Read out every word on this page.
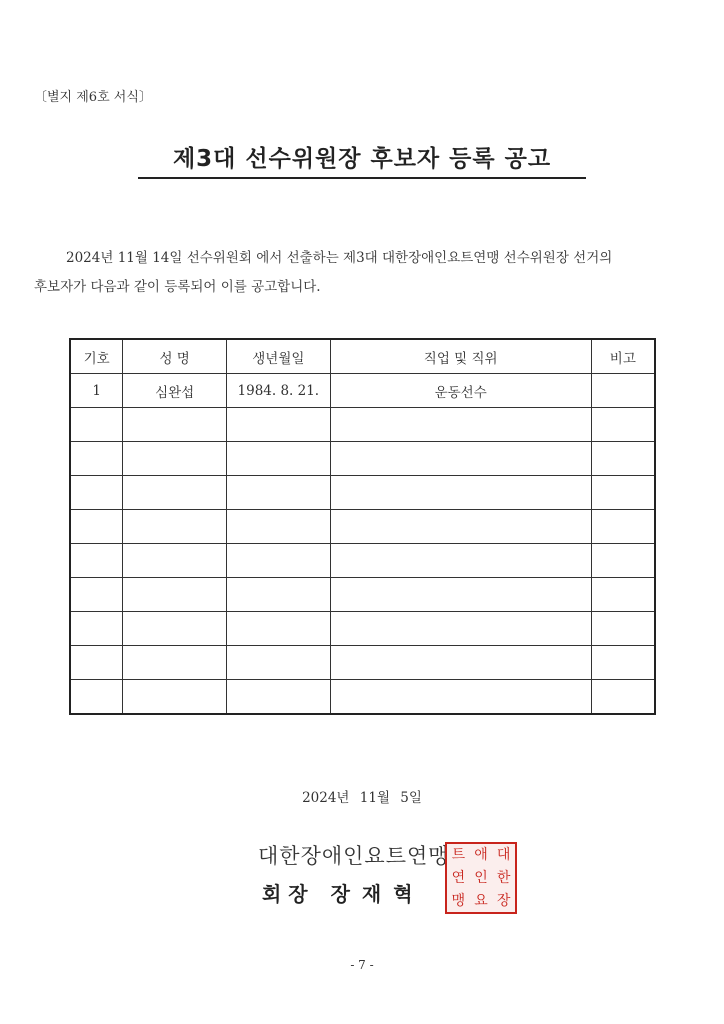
〔별지 제6호 서식〕
제3대 선수위원장 후보자 등록 공고
2024년 11월 14일 선수위원회 에서 선출하는 제3대 대한장애인요트연맹 선수위원장 선거의
후보자가 다음과 같이 등록되어 이를 공고합니다.
기호	성 명	생년월일	직업 및 직위	비고
1	심완섭	1984. 8. 21.	운동선수	

2024년 11월 5일
대한장애인요트연맹
회 장 장재혁
트 애 대
연 인 한
맹 요 장
- 7 -
